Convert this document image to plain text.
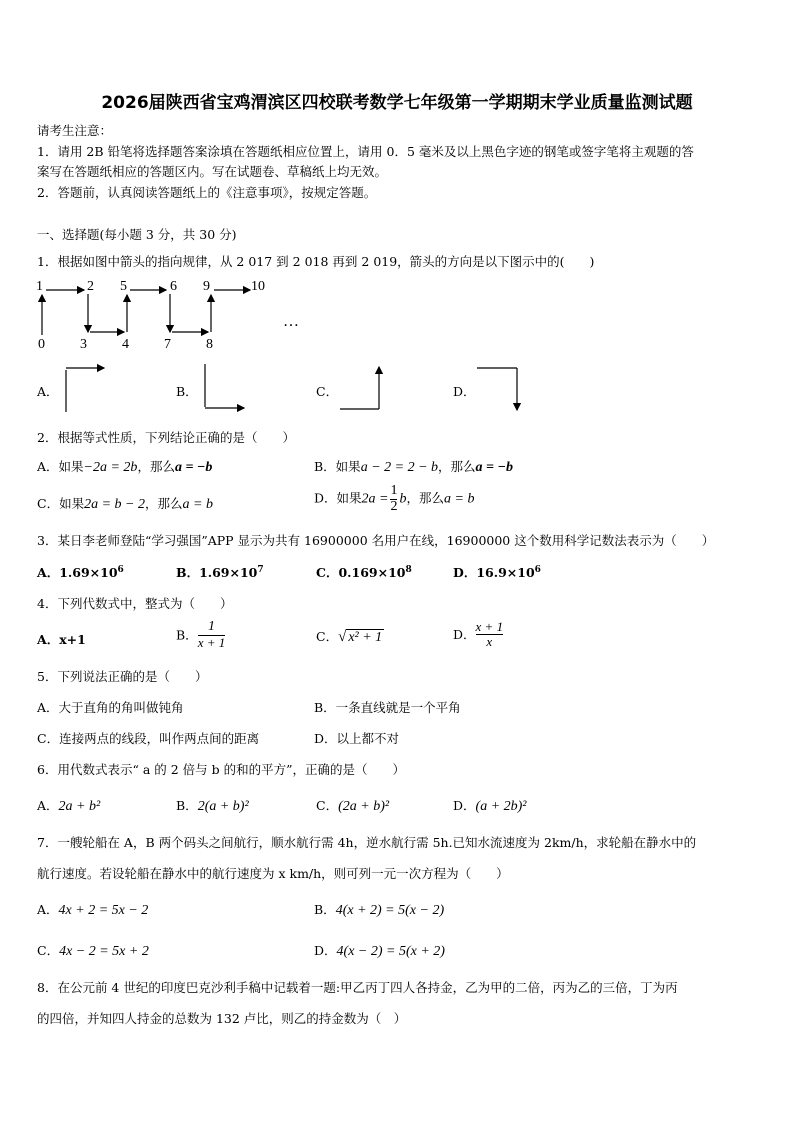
2026届陕西省宝鸡渭滨区四校联考数学七年级第一学期期末学业质量监测试题
请考生注意：
1．请用 2B 铅笔将选择题答案涂填在答题纸相应位置上，请用 0．5 毫米及以上黑色字迹的钢笔或签字笔将主观题的答
案写在答题纸相应的答题区内。写在试题卷、草稿纸上均无效。
2．答题前，认真阅读答题纸上的《注意事项》，按规定答题。
一、选择题(每小题 3 分，共 30 分)
1．根据如图中箭头的指向规律，从 2 017 到 2 018 再到 2 019，箭头的方向是以下图示中的(　　)
1	2 5	6 9	10
0	3	4	7	8
…
A．	B．	C．	D．
2．根据等式性质，下列结论正确的是（　　）
A．如果−2a = 2b，那么a = −b	B．如果a − 2 = 2 − b，那么a = −b
C．如果2a = b − 2，那么a = b	D．如果$2a = \frac{1}{2}$ b，那么a = b
3．某日李老师登陆“学习强国”APP 显示为共有 16900000 名用户在线，16900000 这个数用科学记数法表示为（　　）
A．$1.69\times 10^6$	B．$1.69\times 10^7$	C．$0.169\times 10^8$	D．$16.9\times 10^6$
4．下列代数式中，整式为（　　）
A．x+1	B． $\frac{1}{x + 1}$	C．√ x² + 1	D． $\frac{x + 1}{x}$
5．下列说法正确的是（　　）
A．大于直角的角叫做钝角	B．一条直线就是一个平角
C．连接两点的线段，叫作两点间的距离	D．以上都不对
6．用代数式表示“ a 的 2 倍与 b 的和的平方”，正确的是（　　）
A．2a + b²	B．2(a + b)²	C．(2a + b)²	D．(a + 2b)²
7．一艘轮船在 A，B 两个码头之间航行，顺水航行需 4h，逆水航行需 5h.已知水流速度为 2km/h，求轮船在静水中的
航行速度。若设轮船在静水中的航行速度为 x km/h，则可列一元一次方程为（　　）
A．4x + 2 = 5x − 2	B．4(x + 2) = 5(x − 2)
C．4x − 2 = 5x + 2	D．4(x − 2) = 5(x + 2)
8．在公元前 4 世纪的印度巴克沙利手稿中记载着一题:甲乙丙丁四人各持金，乙为甲的二倍，丙为乙的三倍，丁为丙
的四倍，并知四人持金的总数为 132 卢比，则乙的持金数为（　）
